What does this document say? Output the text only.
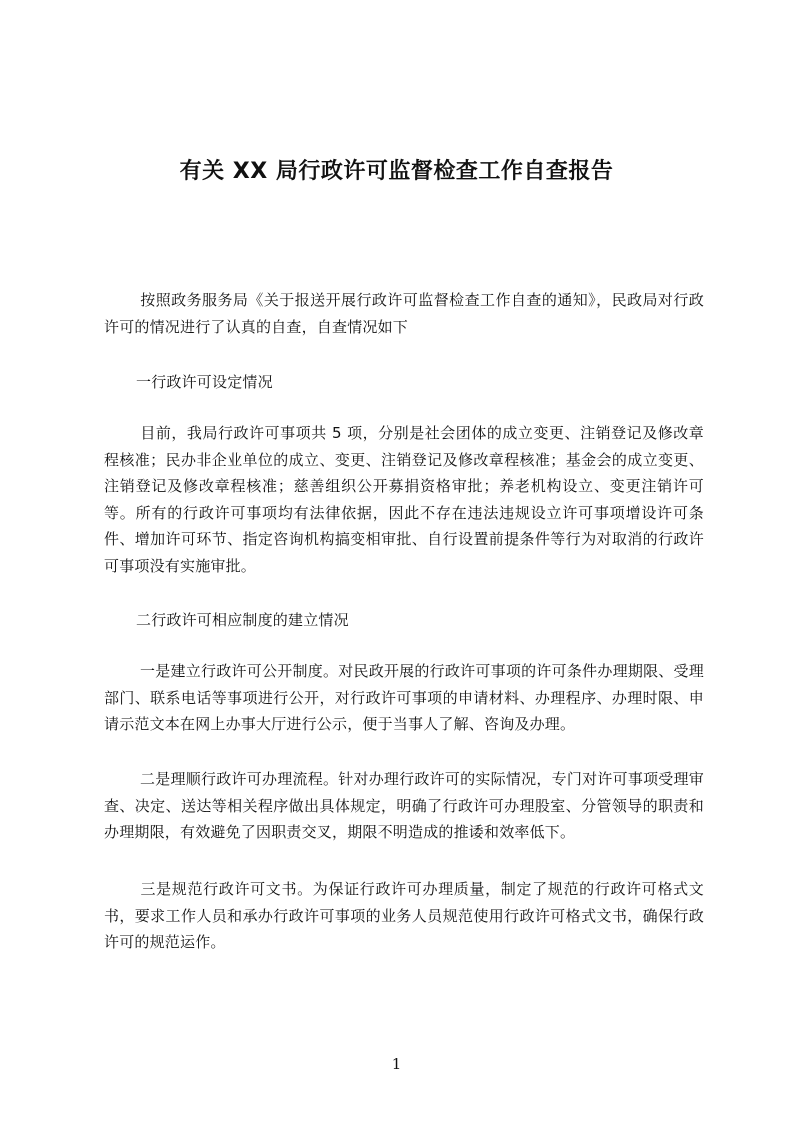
有关 XX 局行政许可监督检查工作自查报告

按照政务服务局《关于报送开展行政许可监督检查工作自查的通知》，民政局对行政许可的情况进行了认真的自查，自查情况如下

一行政许可设定情况

目前，我局行政许可事项共 5 项，分别是社会团体的成立变更、注销登记及修改章程核准；民办非企业单位的成立、变更、注销登记及修改章程核准；基金会的成立变更、注销登记及修改章程核准；慈善组织公开募捐资格审批；养老机构设立、变更注销许可等。所有的行政许可事项均有法律依据，因此不存在违法违规设立许可事项增设许可条件、增加许可环节、指定咨询机构搞变相审批、自行设置前提条件等行为对取消的行政许可事项没有实施审批。

二行政许可相应制度的建立情况

一是建立行政许可公开制度。对民政开展的行政许可事项的许可条件办理期限、受理部门、联系电话等事项进行公开，对行政许可事项的申请材料、办理程序、办理时限、申请示范文本在网上办事大厅进行公示，便于当事人了解、咨询及办理。

二是理顺行政许可办理流程。针对办理行政许可的实际情况，专门对许可事项受理审查、决定、送达等相关程序做出具体规定，明确了行政许可办理股室、分管领导的职责和办理期限，有效避免了因职责交叉，期限不明造成的推诿和效率低下。

三是规范行政许可文书。为保证行政许可办理质量，制定了规范的行政许可格式文书，要求工作人员和承办行政许可事项的业务人员规范使用行政许可格式文书，确保行政许可的规范运作。

1
